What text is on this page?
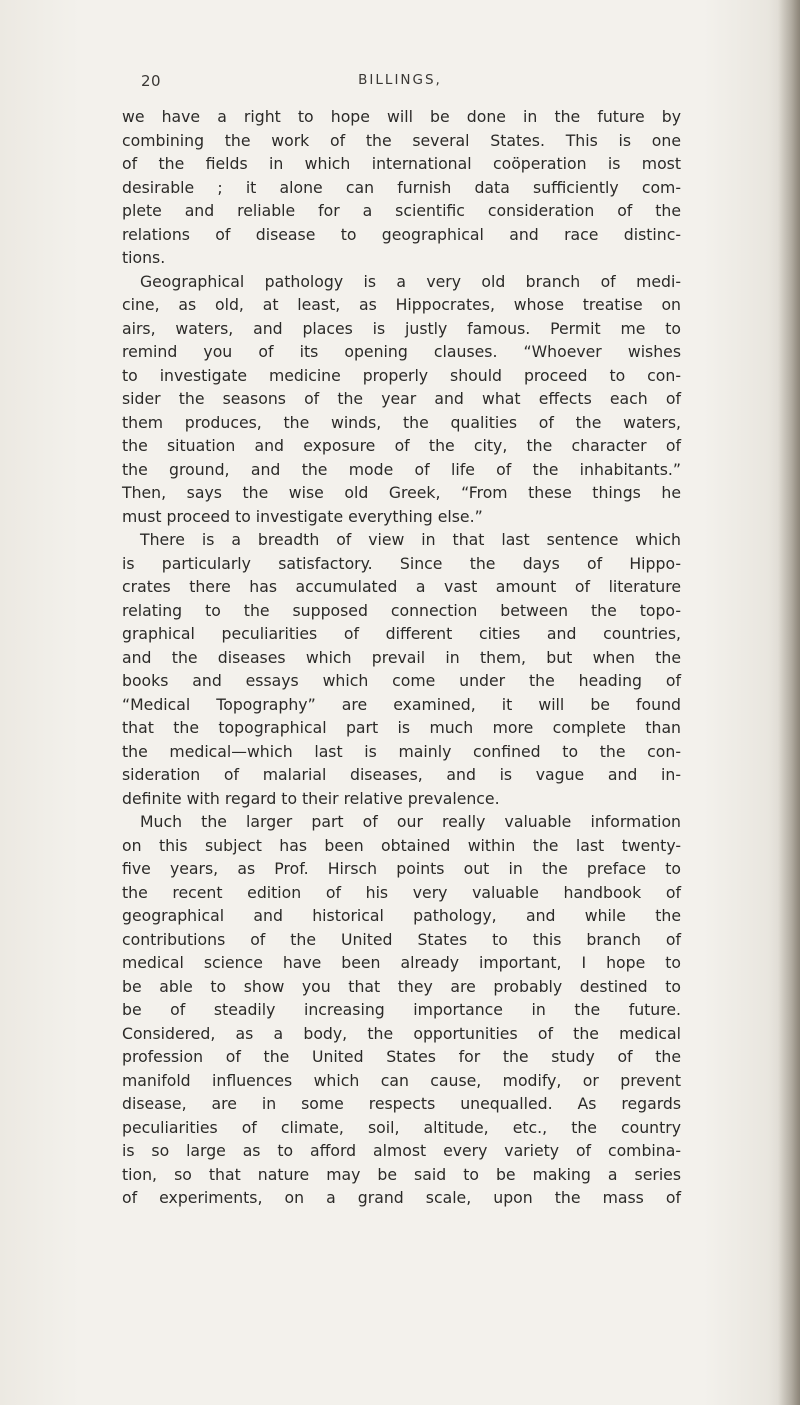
20	BILLINGS,
we have a right to hope will be done in the future by
combining the work of the several States. This is one
of the fields in which international coöperation is most
desirable ; it alone can furnish data sufficiently com-
plete and reliable for a scientific consideration of the
relations of disease to geographical and race distinc-
tions.
Geographical pathology is a very old branch of medi-
cine, as old, at least, as Hippocrates, whose treatise on
airs, waters, and places is justly famous. Permit me to
remind you of its opening clauses. “Whoever wishes
to investigate medicine properly should proceed to con-
sider the seasons of the year and what effects each of
them produces, the winds, the qualities of the waters,
the situation and exposure of the city, the character of
the ground, and the mode of life of the inhabitants.”
Then, says the wise old Greek, “From these things he
must proceed to investigate everything else.”
There is a breadth of view in that last sentence which
is particularly satisfactory. Since the days of Hippo-
crates there has accumulated a vast amount of literature
relating to the supposed connection between the topo-
graphical peculiarities of different cities and countries,
and the diseases which prevail in them, but when the
books and essays which come under the heading of
“Medical Topography” are examined, it will be found
that the topographical part is much more complete than
the medical—which last is mainly confined to the con-
sideration of malarial diseases, and is vague and in-
definite with regard to their relative prevalence.
Much the larger part of our really valuable information
on this subject has been obtained within the last twenty-
five years, as Prof. Hirsch points out in the preface to
the recent edition of his very valuable handbook of
geographical and historical pathology, and while the
contributions of the United States to this branch of
medical science have been already important, I hope to
be able to show you that they are probably destined to
be of steadily increasing importance in the future.
Considered, as a body, the opportunities of the medical
profession of the United States for the study of the
manifold influences which can cause, modify, or prevent
disease, are in some respects unequalled. As regards
peculiarities of climate, soil, altitude, etc., the country
is so large as to afford almost every variety of combina-
tion, so that nature may be said to be making a series
of experiments, on a grand scale, upon the mass of
